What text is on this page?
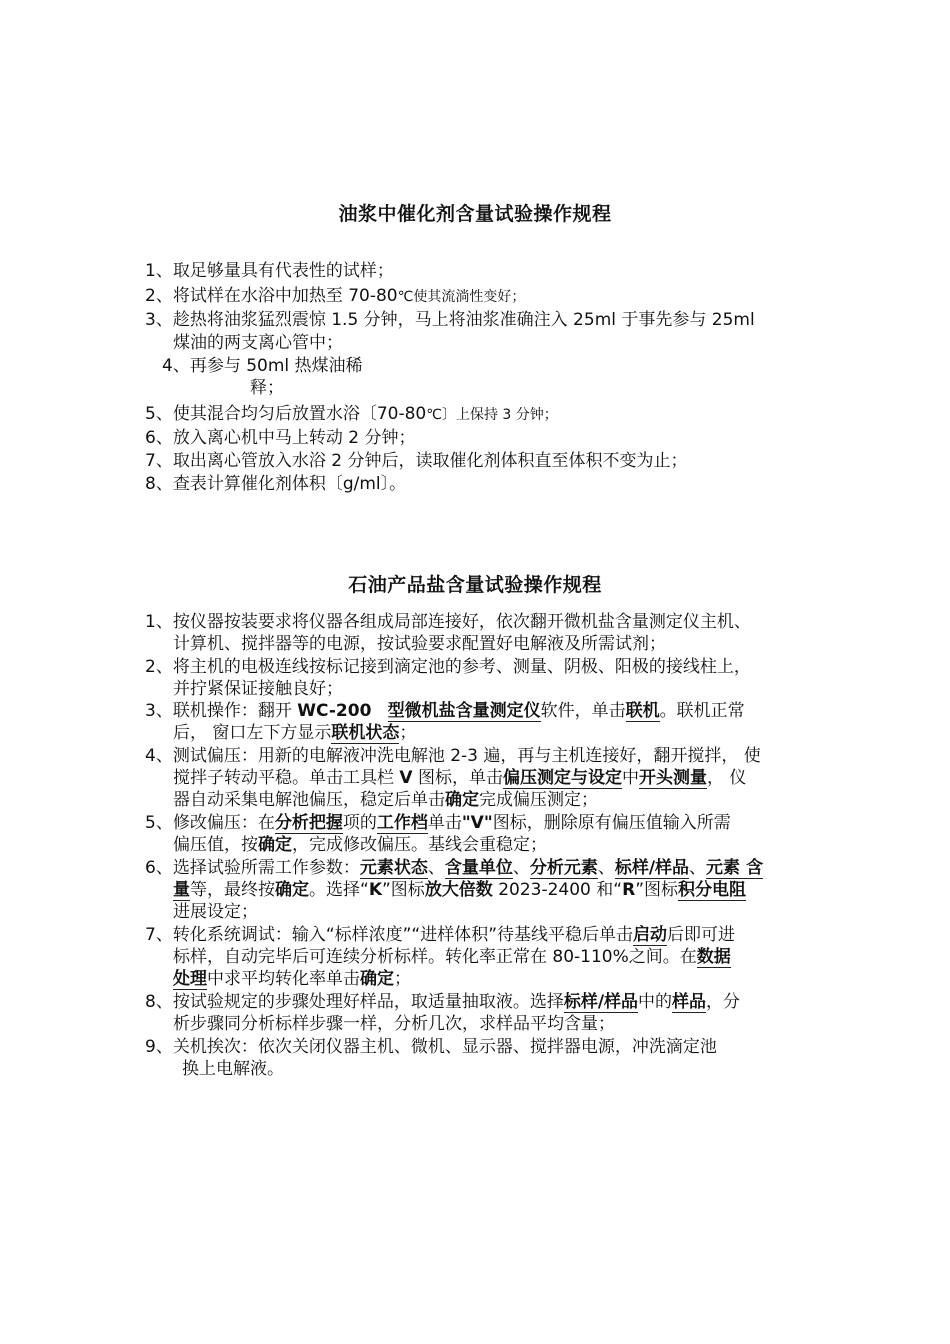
油浆中催化剂含量试验操作规程
1、取足够量具有代表性的试样；
2、将试样在水浴中加热至 70-80℃使其流淌性变好；
3、趁热将油浆猛烈震惊 1.5 分钟，马上将油浆准确注入 25ml 于事先参与 25ml
煤油的两支离心管中；
4、再参与 50ml 热煤油稀
释；
5、使其混合均匀后放置水浴〔70-80℃〕上保持 3 分钟；
6、放入离心机中马上转动 2 分钟；
7、取出离心管放入水浴 2 分钟后，读取催化剂体积直至体积不变为止；
8、查表计算催化剂体积〔g/ml〕。
石油产品盐含量试验操作规程
1、按仪器按装要求将仪器各组成局部连接好，依次翻开微机盐含量测定仪主机、
计算机、搅拌器等的电源，按试验要求配置好电解液及所需试剂；
2、将主机的电极连线按标记接到滴定池的参考、测量、阴极、阳极的接线柱上，
并拧紧保证接触良好；
3、联机操作：翻开 WC-200 型微机盐含量测定仪软件，单击联机。联机正常
后， 窗口左下方显示联机状态；
4、测试偏压：用新的电解液冲洗电解池 2-3 遍，再与主机连接好，翻开搅拌， 使
搅拌子转动平稳。单击工具栏 V 图标，单击偏压测定与设定中开头测量， 仪
器自动采集电解池偏压，稳定后单击确定完成偏压测定；
5、修改偏压：在分析把握项的工作档单击"V"图标，删除原有偏压值输入所需
偏压值，按确定，完成修改偏压。基线会重稳定；
6、选择试验所需工作参数：元素状态、含量单位、分析元素、标样/样品、元素 含
量等，最终按确定。选择“K”图标放大倍数 2023-2400 和“R”图标积分电阻
进展设定；
7、转化系统调试：输入“标样浓度”“进样体积”待基线平稳后单击启动后即可进
标样，自动完毕后可连续分析标样。转化率正常在 80-110%之间。在数据
处理中求平均转化率单击确定；
8、按试验规定的步骤处理好样品，取适量抽取液。选择标样/样品中的样品，分
析步骤同分析标样步骤一样，分析几次，求样品平均含量；
9、关机挨次：依次关闭仪器主机、微机、显示器、搅拌器电源，冲洗滴定池
换上电解液。
